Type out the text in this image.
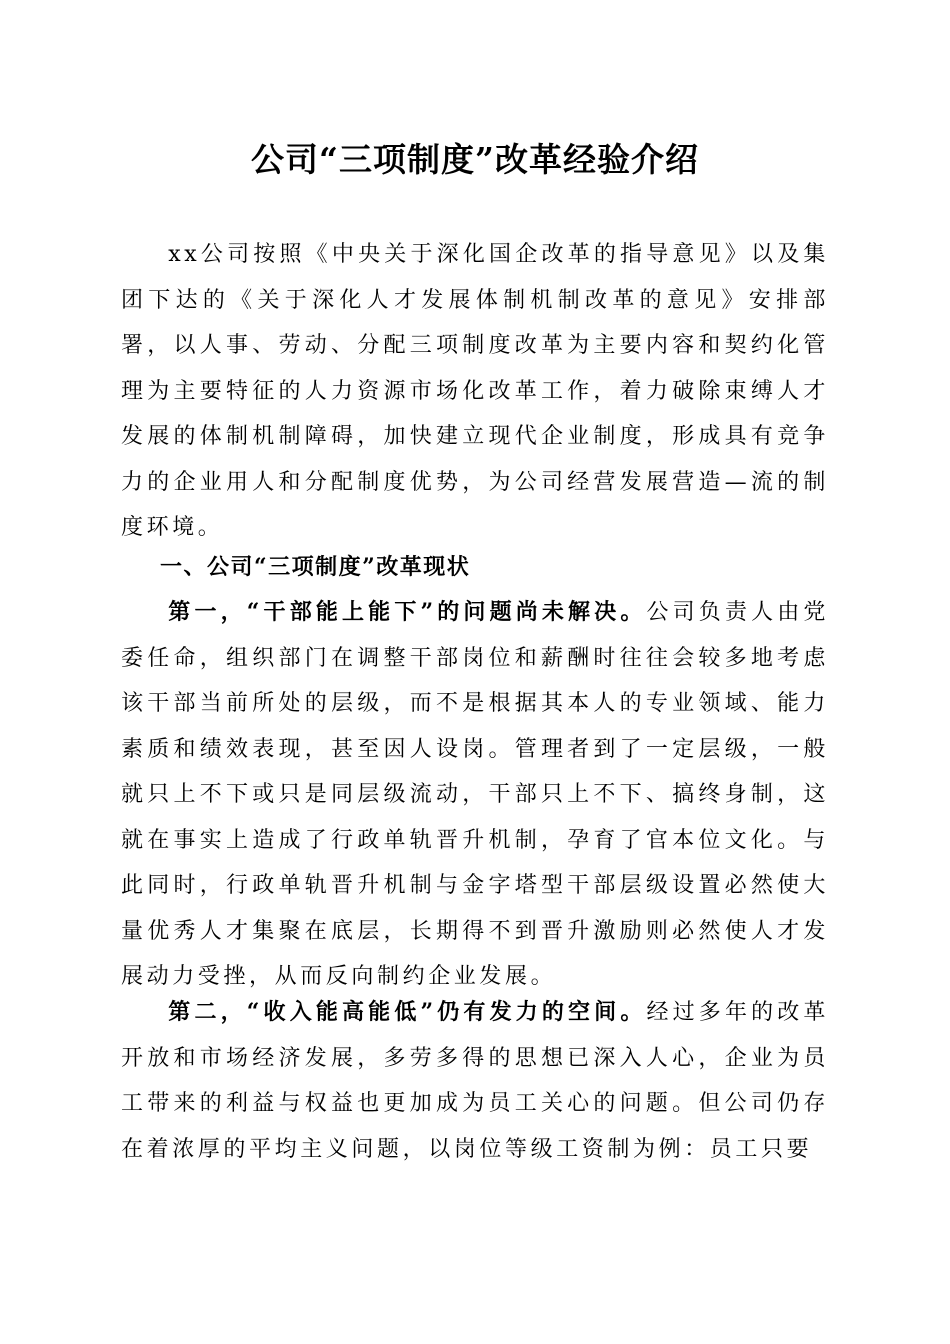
公司“三项制度”改革经验介绍

xx公司按照《中央关于深化国企改革的指导意见》以及集团下达的《关于深化人才发展体制机制改革的意见》安排部署，以人事、劳动、分配三项制度改革为主要内容和契约化管理为主要特征的人力资源市场化改革工作，着力破除束缚人才发展的体制机制障碍，加快建立现代企业制度，形成具有竞争力的企业用人和分配制度优势，为公司经营发展营造—流的制度环境。

一、公司“三项制度”改革现状

第一，“干部能上能下”的问题尚未解决。公司负责人由党委任命，组织部门在调整干部岗位和薪酬时往往会较多地考虑该干部当前所处的层级，而不是根据其本人的专业领域、能力素质和绩效表现，甚至因人设岗。管理者到了一定层级，一般就只上不下或只是同层级流动，干部只上不下、搞终身制，这就在事实上造成了行政单轨晋升机制，孕育了官本位文化。与此同时，行政单轨晋升机制与金字塔型干部层级设置必然使大量优秀人才集聚在底层，长期得不到晋升激励则必然使人才发展动力受挫，从而反向制约企业发展。

第二，“收入能高能低”仍有发力的空间。经过多年的改革开放和市场经济发展，多劳多得的思想已深入人心，企业为员工带来的利益与权益也更加成为员工关心的问题。但公司仍存在着浓厚的平均主义问题，以岗位等级工资制为例：员工只要
